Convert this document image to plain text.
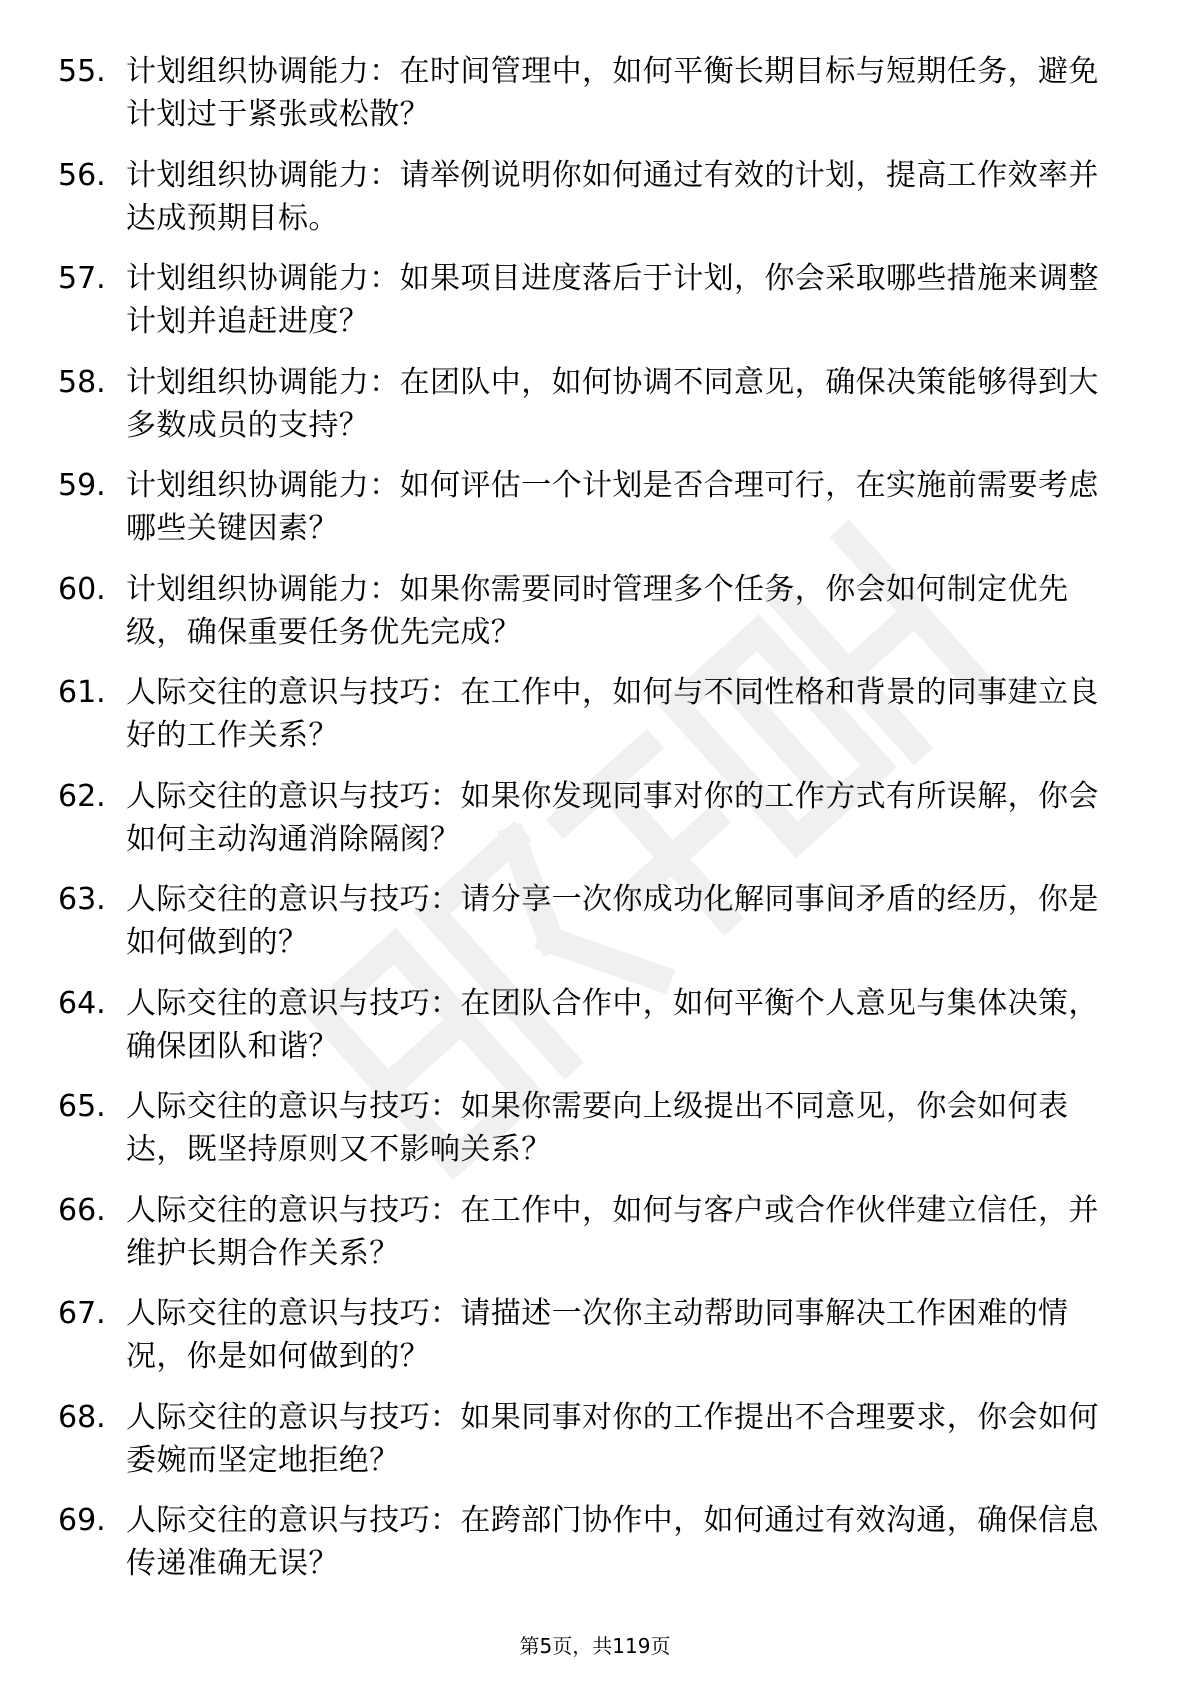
55. 计划组织协调能力：在时间管理中，如何平衡长期目标与短期任务，避免计划过于紧张或松散？
56. 计划组织协调能力：请举例说明你如何通过有效的计划，提高工作效率并达成预期目标。
57. 计划组织协调能力：如果项目进度落后于计划，你会采取哪些措施来调整计划并追赶进度？
58. 计划组织协调能力：在团队中，如何协调不同意见，确保决策能够得到大多数成员的支持？
59. 计划组织协调能力：如何评估一个计划是否合理可行，在实施前需要考虑哪些关键因素？
60. 计划组织协调能力：如果你需要同时管理多个任务，你会如何制定优先级，确保重要任务优先完成？
61. 人际交往的意识与技巧：在工作中，如何与不同性格和背景的同事建立良好的工作关系？
62. 人际交往的意识与技巧：如果你发现同事对你的工作方式有所误解，你会如何主动沟通消除隔阂？
63. 人际交往的意识与技巧：请分享一次你成功化解同事间矛盾的经历，你是如何做到的？
64. 人际交往的意识与技巧：在团队合作中，如何平衡个人意见与集体决策，确保团队和谐？
65. 人际交往的意识与技巧：如果你需要向上级提出不同意见，你会如何表达，既坚持原则又不影响关系？
66. 人际交往的意识与技巧：在工作中，如何与客户或合作伙伴建立信任，并维护长期合作关系？
67. 人际交往的意识与技巧：请描述一次你主动帮助同事解决工作困难的情况，你是如何做到的？
68. 人际交往的意识与技巧：如果同事对你的工作提出不合理要求，你会如何委婉而坚定地拒绝？
69. 人际交往的意识与技巧：在跨部门协作中，如何通过有效沟通，确保信息传递准确无误？
第5页，共119页
